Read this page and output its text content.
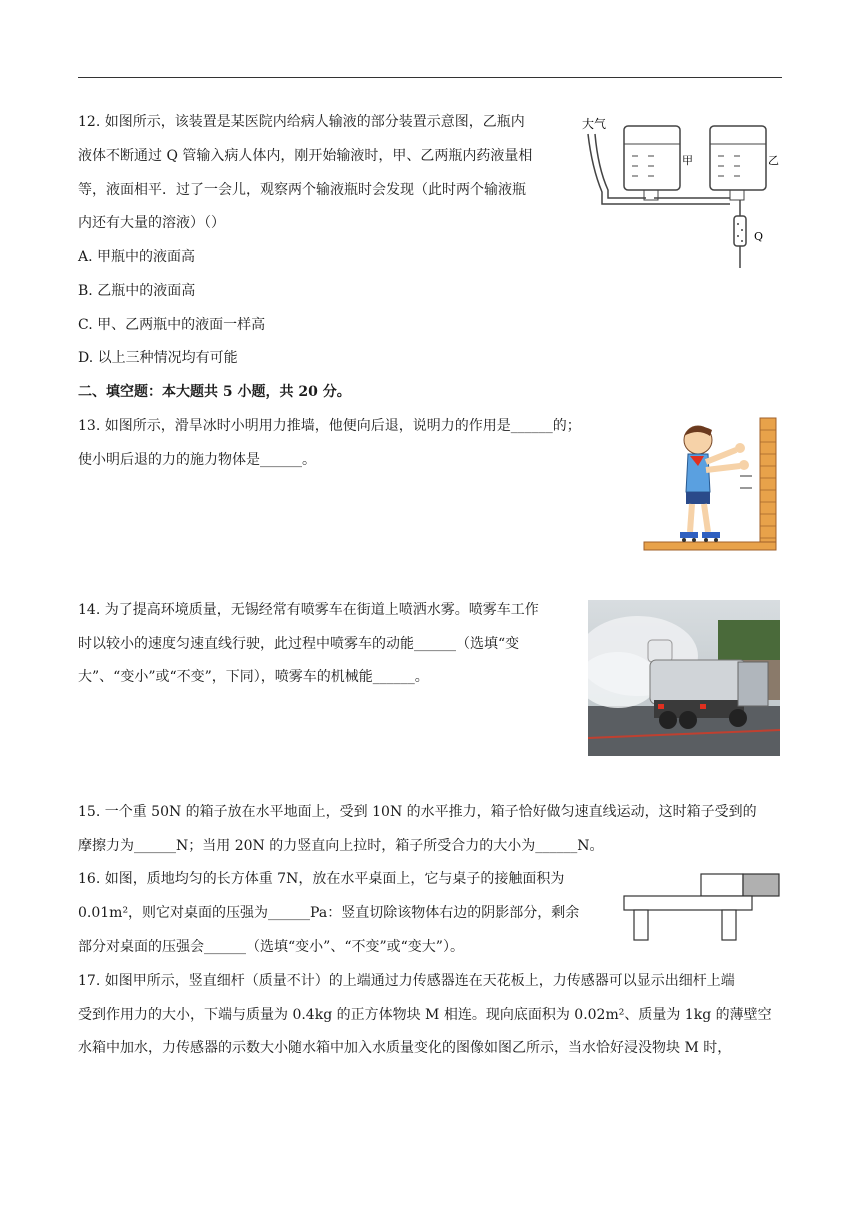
12. 如图所示，该装置是某医院内给病人输液的部分装置示意图，乙瓶内
液体不断通过 Q 管输入病人体内，刚开始输液时，甲、乙两瓶内药液量相
等，液面相平．过了一会儿，观察两个输液瓶时会发现（此时两个输液瓶
内还有大量的溶液）（）
A. 甲瓶中的液面高
B. 乙瓶中的液面高
C. 甲、乙两瓶中的液面一样高
D. 以上三种情况均有可能
大气
甲	乙
Q
二、填空题：本大题共 5 小题，共 20 分。
13. 如图所示，滑旱冰时小明用力推墙，他便向后退，说明力的作用是______的；
使小明后退的力的施力物体是______。
14. 为了提高环境质量，无锡经常有喷雾车在街道上喷洒水雾。喷雾车工作
时以较小的速度匀速直线行驶，此过程中喷雾车的动能______（选填“变
大”、“变小”或“不变”，下同），喷雾车的机械能______。
15. 一个重 50N 的箱子放在水平地面上，受到 10N 的水平推力，箱子恰好做匀速直线运动，这时箱子受到的
摩擦力为______N；当用 20N 的力竖直向上拉时，箱子所受合力的大小为______N。
16. 如图，质地均匀的长方体重 7N，放在水平桌面上，它与桌子的接触面积为
0.01m²，则它对桌面的压强为______Pa：竖直切除该物体右边的阴影部分，剩余
部分对桌面的压强会______（选填“变小”、“不变”或“变大”）。
17. 如图甲所示，竖直细杆（质量不计）的上端通过力传感器连在天花板上，力传感器可以显示出细杆上端
受到作用力的大小，下端与质量为 0.4kg 的正方体物块 M 相连。现向底面积为 0.02m²、质量为 1kg 的薄壁空
水箱中加水，力传感器的示数大小随水箱中加入水质量变化的图像如图乙所示，当水恰好浸没物块 M 时，
